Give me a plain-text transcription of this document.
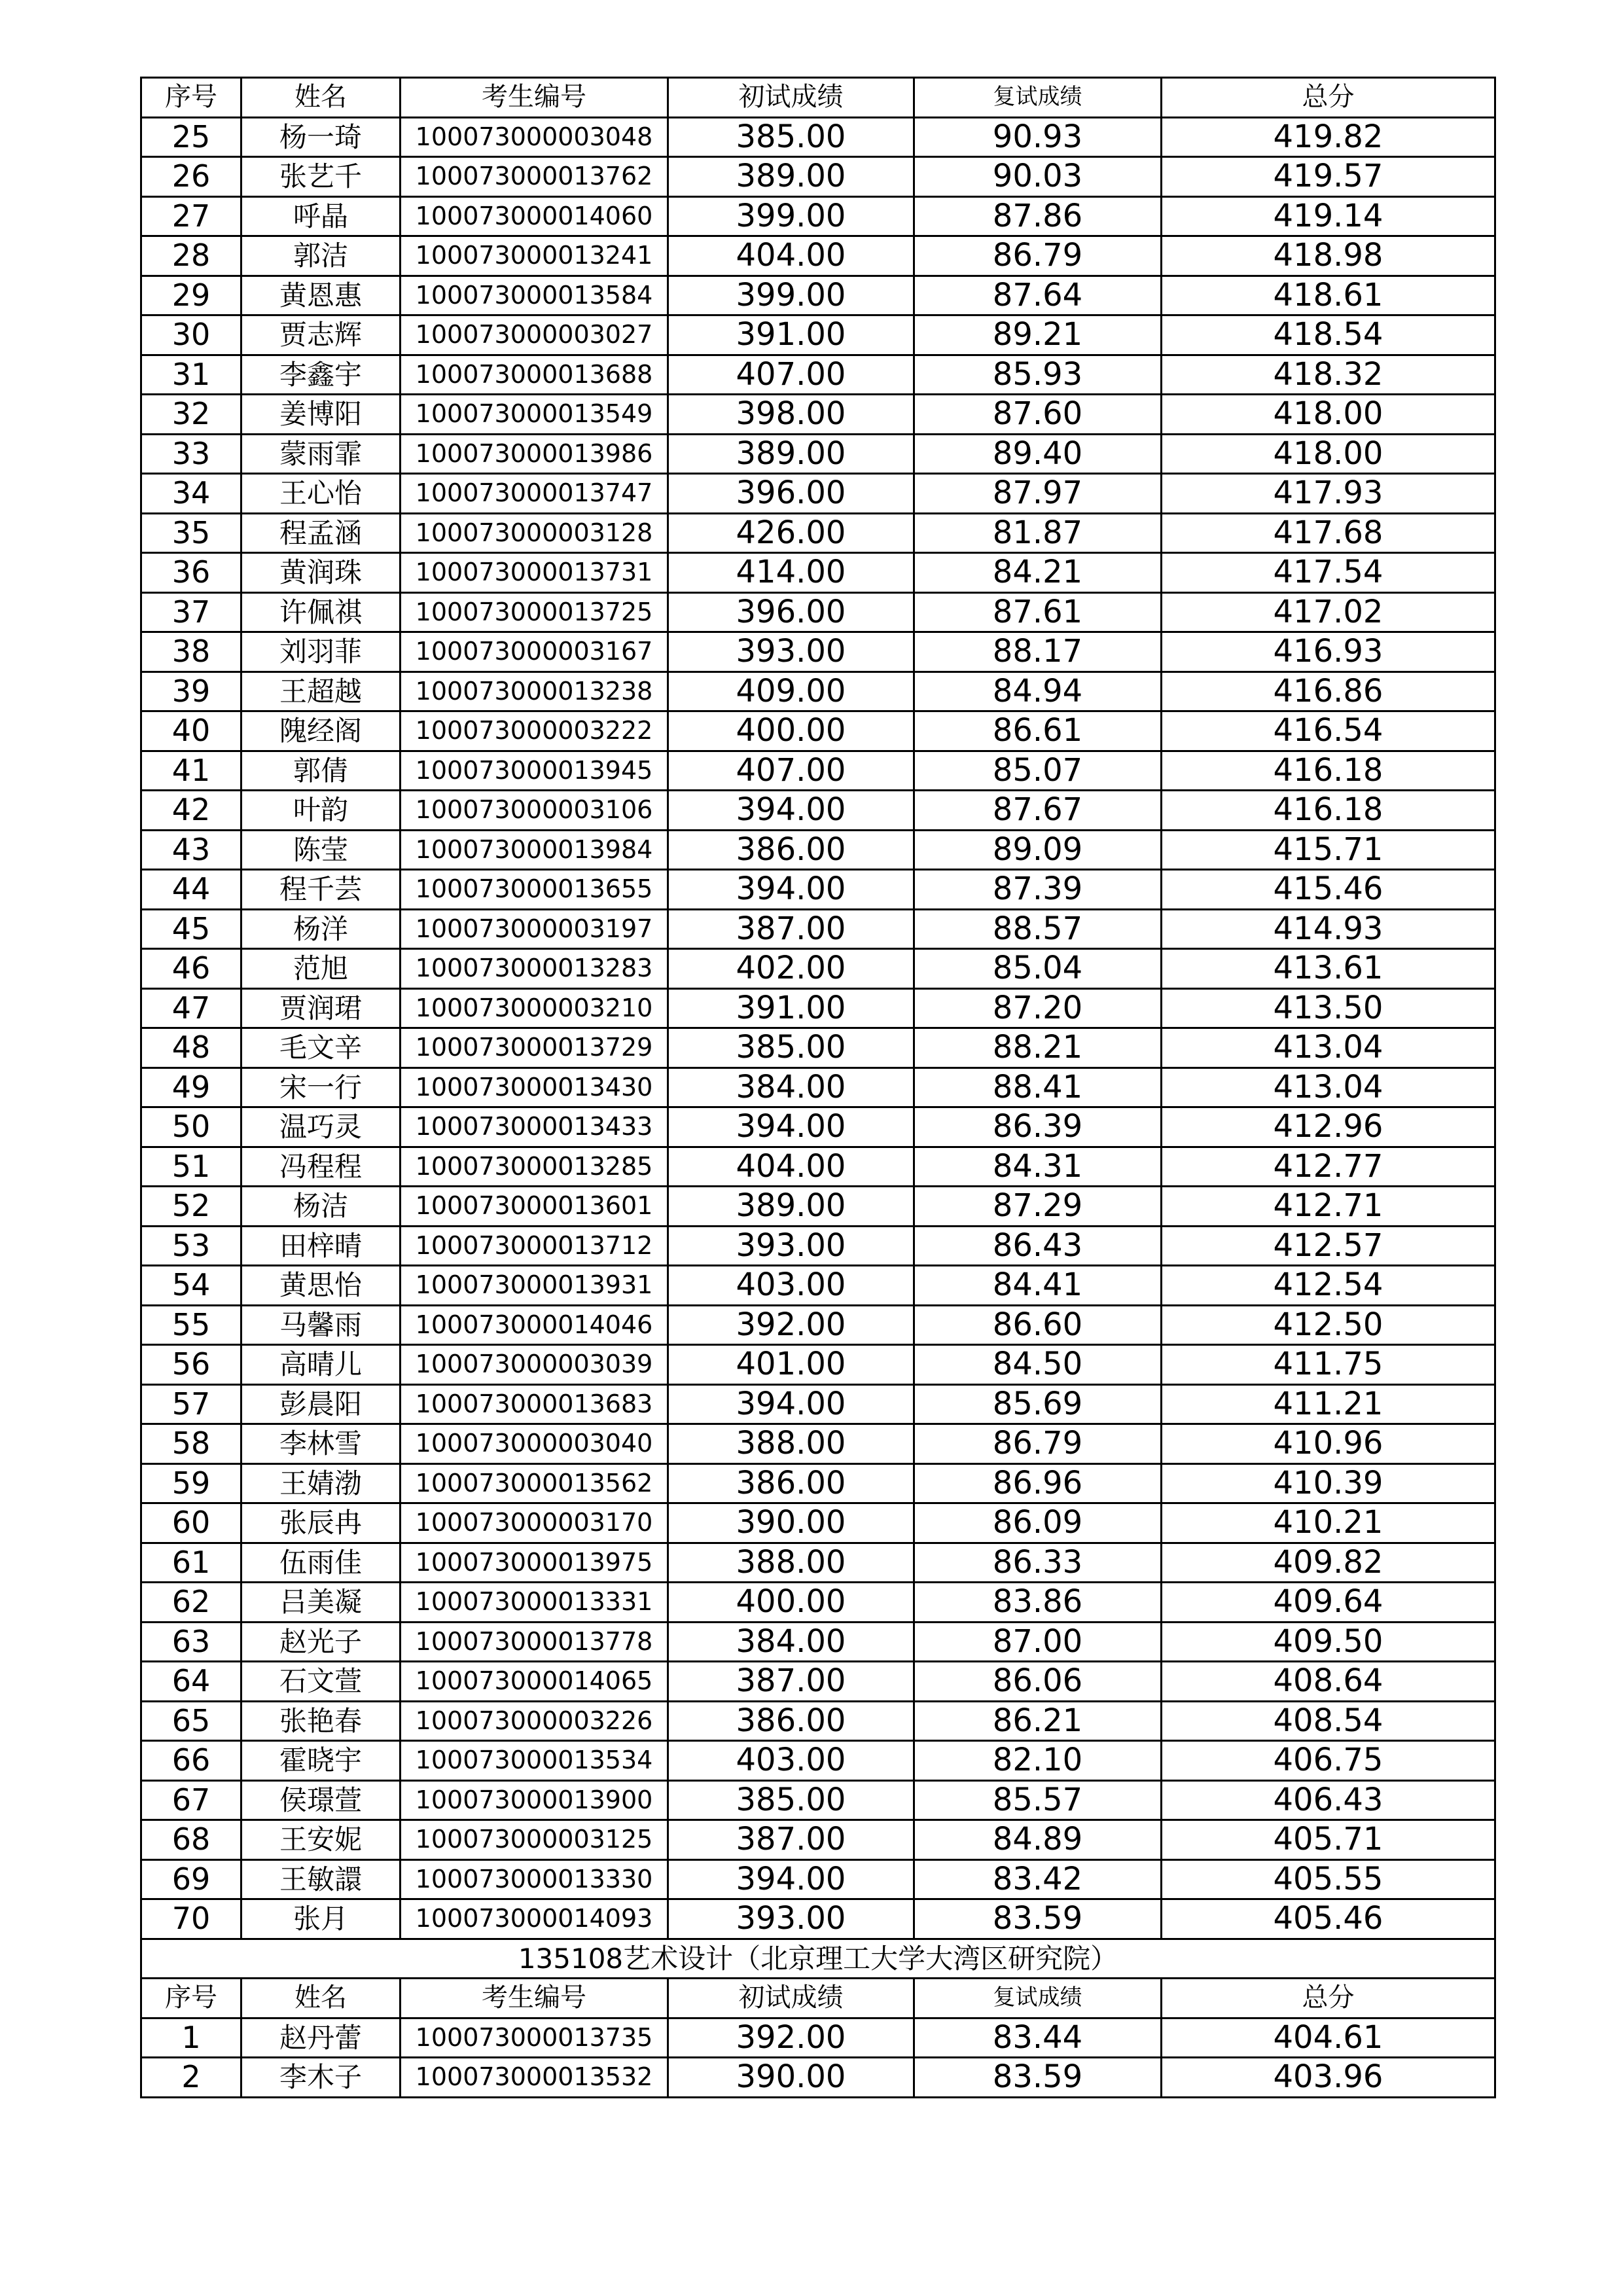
序号	姓名	考生编号	初试成绩	复试成绩	总分
25	杨一琦	100073000003048	385.00	90.93	419.82
26	张艺千	100073000013762	389.00	90.03	419.57
27	呼晶	100073000014060	399.00	87.86	419.14
28	郭洁	100073000013241	404.00	86.79	418.98
29	黄恩惠	100073000013584	399.00	87.64	418.61
30	贾志辉	100073000003027	391.00	89.21	418.54
31	李鑫宇	100073000013688	407.00	85.93	418.32
32	姜博阳	100073000013549	398.00	87.60	418.00
33	蒙雨霏	100073000013986	389.00	89.40	418.00
34	王心怡	100073000013747	396.00	87.97	417.93
35	程孟涵	100073000003128	426.00	81.87	417.68
36	黄润珠	100073000013731	414.00	84.21	417.54
37	许佩祺	100073000013725	396.00	87.61	417.02
38	刘羽菲	100073000003167	393.00	88.17	416.93
39	王超越	100073000013238	409.00	84.94	416.86
40	隗经阁	100073000003222	400.00	86.61	416.54
41	郭倩	100073000013945	407.00	85.07	416.18
42	叶韵	100073000003106	394.00	87.67	416.18
43	陈莹	100073000013984	386.00	89.09	415.71
44	程千芸	100073000013655	394.00	87.39	415.46
45	杨洋	100073000003197	387.00	88.57	414.93
46	范旭	100073000013283	402.00	85.04	413.61
47	贾润珺	100073000003210	391.00	87.20	413.50
48	毛文辛	100073000013729	385.00	88.21	413.04
49	宋一行	100073000013430	384.00	88.41	413.04
50	温巧灵	100073000013433	394.00	86.39	412.96
51	冯程程	100073000013285	404.00	84.31	412.77
52	杨洁	100073000013601	389.00	87.29	412.71
53	田梓晴	100073000013712	393.00	86.43	412.57
54	黄思怡	100073000013931	403.00	84.41	412.54
55	马馨雨	100073000014046	392.00	86.60	412.50
56	高晴儿	100073000003039	401.00	84.50	411.75
57	彭晨阳	100073000013683	394.00	85.69	411.21
58	李林雪	100073000003040	388.00	86.79	410.96
59	王婧渤	100073000013562	386.00	86.96	410.39
60	张辰冉	100073000003170	390.00	86.09	410.21
61	伍雨佳	100073000013975	388.00	86.33	409.82
62	吕美凝	100073000013331	400.00	83.86	409.64
63	赵光子	100073000013778	384.00	87.00	409.50
64	石文萱	100073000014065	387.00	86.06	408.64
65	张艳春	100073000003226	386.00	86.21	408.54
66	霍晓宇	100073000013534	403.00	82.10	406.75
67	侯璟萱	100073000013900	385.00	85.57	406.43
68	王安妮	100073000003125	387.00	84.89	405.71
69	王敏譞	100073000013330	394.00	83.42	405.55
70	张月	100073000014093	393.00	83.59	405.46
135108艺术设计（北京理工大学大湾区研究院）					
序号	姓名	考生编号	初试成绩	复试成绩	总分
1	赵丹蕾	100073000013735	392.00	83.44	404.61
2	李木子	100073000013532	390.00	83.59	403.96
